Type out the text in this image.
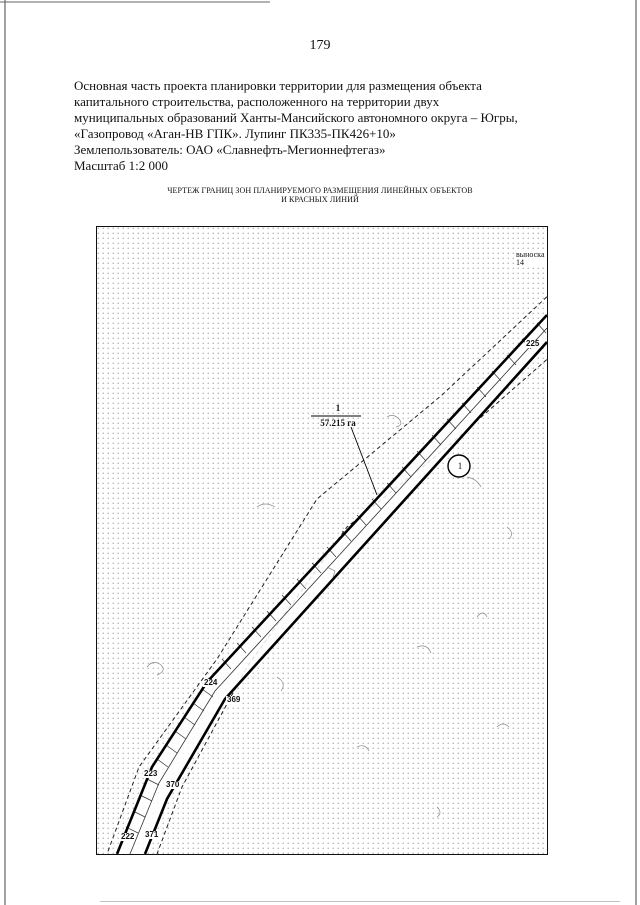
179
Основная часть проекта планировки территории для размещения объекта
капитального строительства, расположенного на территории двух
муниципальных образований Ханты-Мансийского автономного округа – Югры,
«Газопровод «Аган-НВ ГПК». Лупинг ПК335-ПК426+10»
Землепользователь: ОАО «Славнефть-Мегионнефтегаз»
Масштаб 1:2 000
ЧЕРТЕЖ ГРАНИЦ ЗОН ПЛАНИРУЕМОГО РАЗМЕЩЕНИЯ ЛИНЕЙНЫХ ОБЪЕКТОВ
И КРАСНЫХ ЛИНИЙ
выноска 14
1
57.215 га
1
225
224
369
223
370
222 371
